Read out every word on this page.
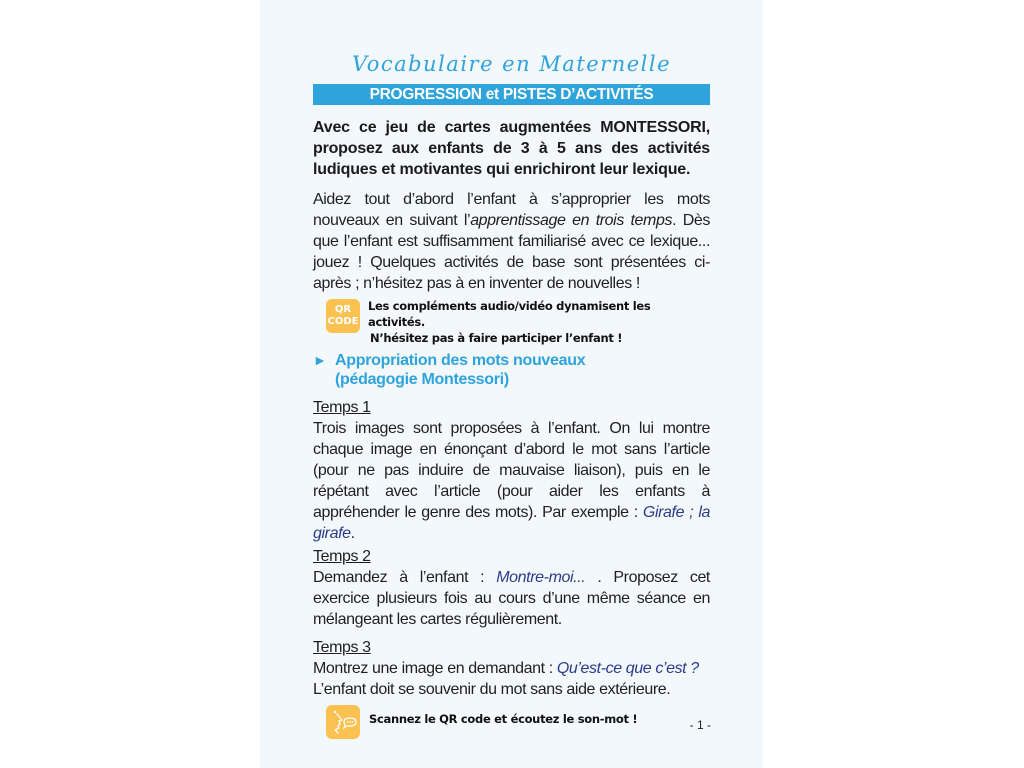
Vocabulaire en Maternelle
PROGRESSION et PISTES D’ACTIVITÉS

Avec ce jeu de cartes augmentées MONTESSORI, proposez aux enfants de 3 à 5 ans des activités ludiques et motivantes qui enrichiront leur lexique.

Aidez tout d’abord l’enfant à s’approprier les mots nouveaux en suivant l’apprentissage en trois temps. Dès que l’enfant est suffisamment familiarisé avec ce lexique... jouez ! Quelques activités de base sont présentées ci-après ; n’hésitez pas à en inventer de nouvelles !

QR
CODE
Les compléments audio/vidéo dynamisent les activités.
N’hésitez pas à faire participer l’enfant !
► Appropriation des mots nouveaux
(pédagogie Montessori)
Temps 1

Trois images sont proposées à l’enfant. On lui montre chaque image en énonçant d’abord le mot sans l’article (pour ne pas induire de mauvaise liaison), puis en le répétant avec l’article (pour aider les enfants à appréhender le genre des mots). Par exemple : Girafe ; la girafe.

Temps 2

Demandez à l’enfant : Montre-moi... . Proposez cet exercice plusieurs fois au cours d’une même séance en mélangeant les cartes régulièrement.

Temps 3

Montrez une image en demandant : Qu’est-ce que c’est ? L’enfant doit se souvenir du mot sans aide extérieure.

Scannez le QR code et écoutez le son-mot !	- 1 -
